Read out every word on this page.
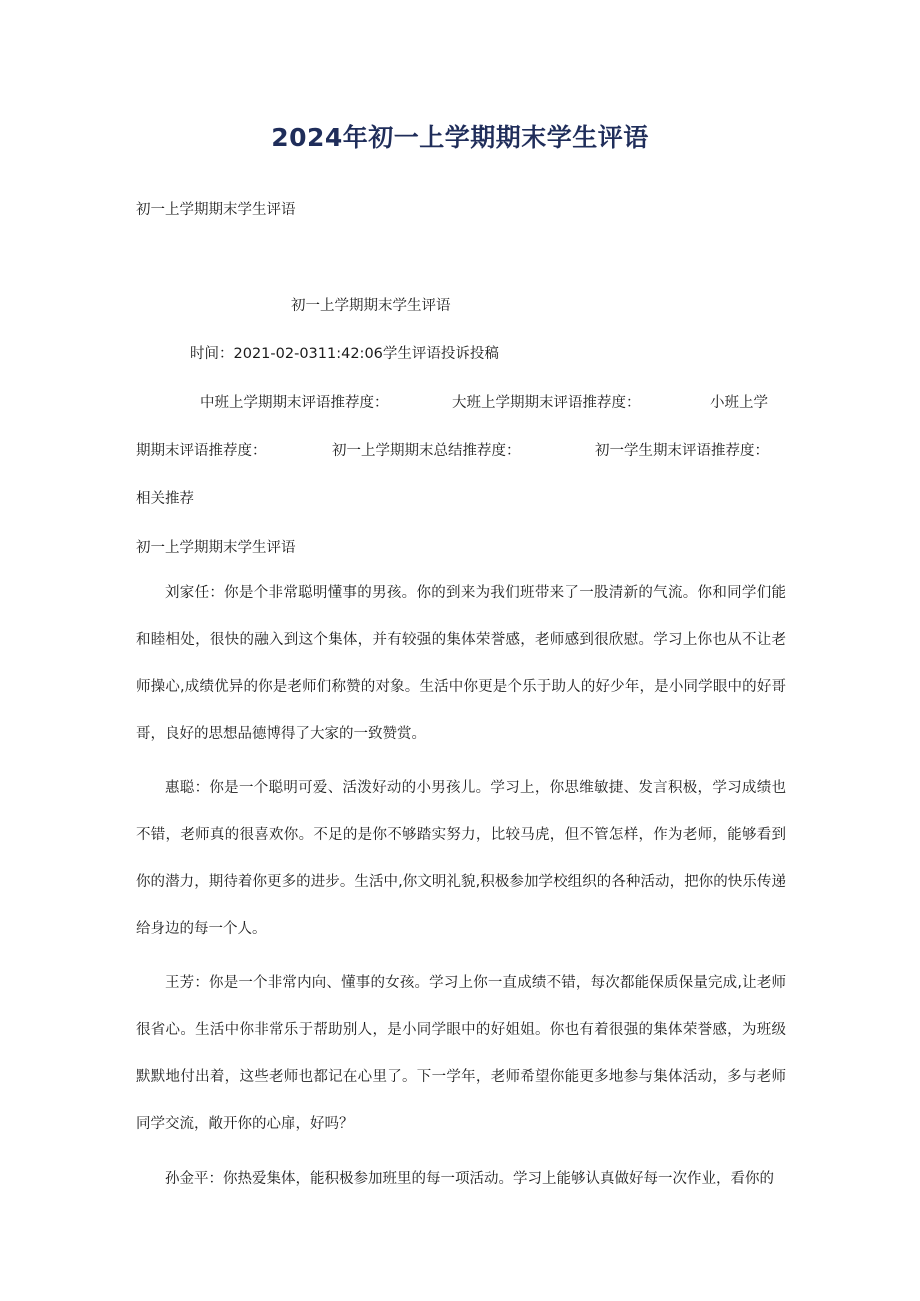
2024年初一上学期期末学生评语
初一上学期期末学生评语
初一上学期期末学生评语
时间：2021-02-0311:42:06学生评语投诉投稿
中班上学期期末评语推荐度：	大班上学期期末评语推荐度：	小班上学
期期末评语推荐度：	初一上学期期末总结推荐度：	初一学生期末评语推荐度：
相关推荐
初一上学期期末学生评语

刘家任：你是个非常聪明懂事的男孩。你的到来为我们班带来了一股清新的气流。你和同学们能和睦相处，很快的融入到这个集体，并有较强的集体荣誉感，老师感到很欣慰。学习上你也从不让老师操心,成绩优异的你是老师们称赞的对象。生活中你更是个乐于助人的好少年，是小同学眼中的好哥哥，良好的思想品德博得了大家的一致赞赏。

惠聪：你是一个聪明可爱、活泼好动的小男孩儿。学习上，你思维敏捷、发言积极，学习成绩也不错，老师真的很喜欢你。不足的是你不够踏实努力，比较马虎，但不管怎样，作为老师，能够看到你的潜力，期待着你更多的进步。生活中,你文明礼貌,积极参加学校组织的各种活动，把你的快乐传递给身边的每一个人。

王芳：你是一个非常内向、懂事的女孩。学习上你一直成绩不错，每次都能保质保量完成,让老师很省心。生活中你非常乐于帮助别人，是小同学眼中的好姐姐。你也有着很强的集体荣誉感，为班级默默地付出着，这些老师也都记在心里了。下一学年，老师希望你能更多地参与集体活动，多与老师同学交流，敞开你的心扉，好吗？

孙金平：你热爱集体，能积极参加班里的每一项活动。学习上能够认真做好每一次作业，看你的
